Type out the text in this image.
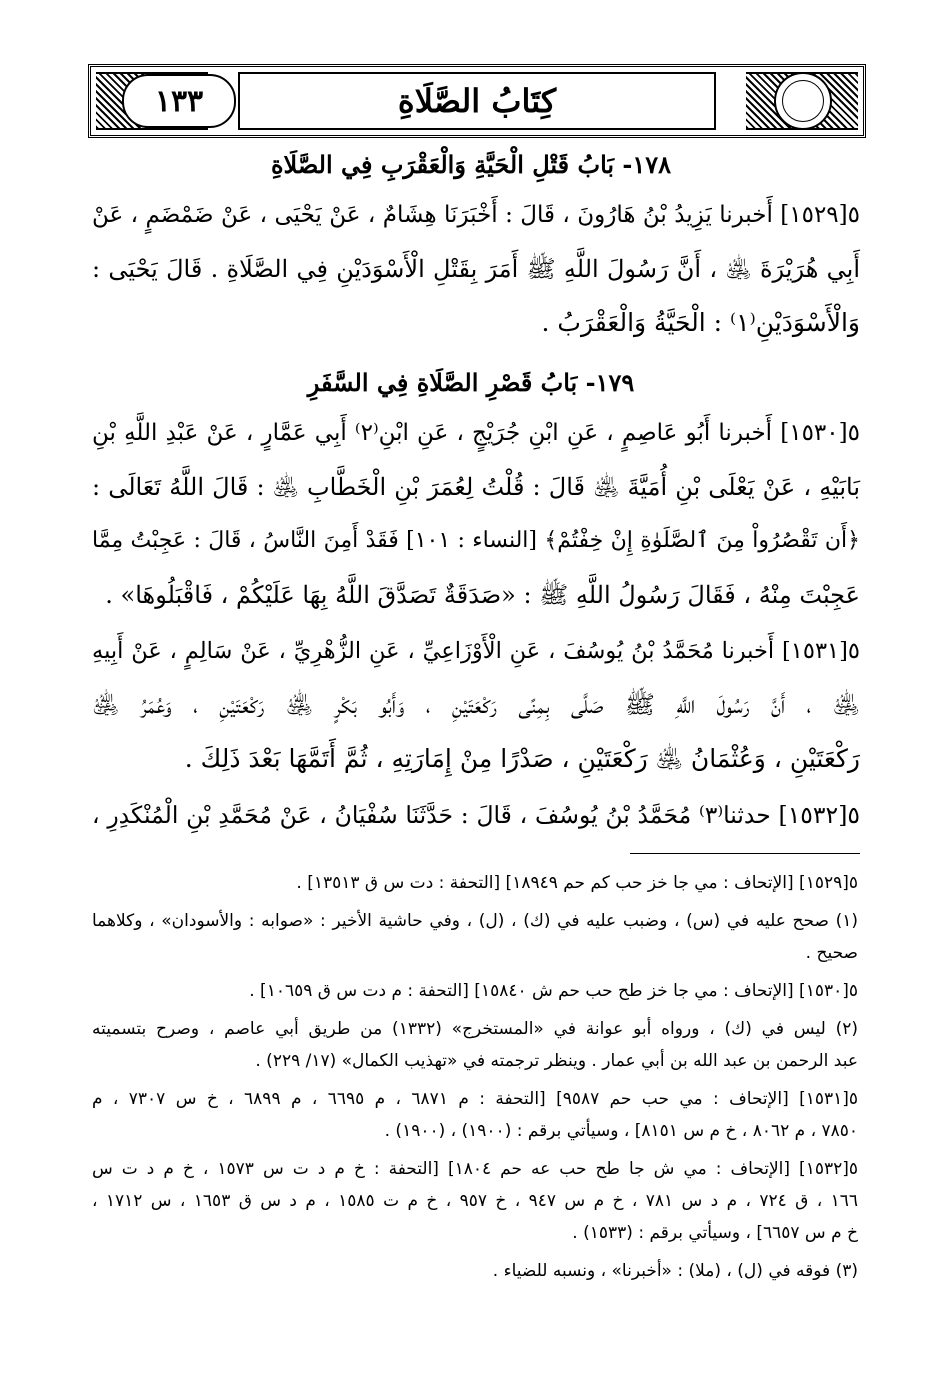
١٣٣	كِتَابُ الصَّلَاةِ
١٧٨- بَابُ قَتْلِ الْحَيَّةِ وَالْعَقْرَبِ فِي الصَّلَاةِ
٥[١٥٢٩] أَخبرنا يَزِيدُ بْنُ هَارُونَ ، قَالَ : أَخْبَرَنَا هِشَامٌ ، عَنْ يَحْيَى ، عَنْ ضَمْضَمٍ ، عَنْ
أَبِي هُرَيْرَةَ ﵁ ، أَنَّ رَسُولَ اللَّهِ ﷺ أَمَرَ بِقَتْلِ الْأَسْوَدَيْنِ فِي الصَّلَاةِ . قَالَ يَحْيَى :
وَالْأَسْوَدَيْنِ⁽١⁾ : الْحَيَّةُ وَالْعَقْرَبُ .
١٧٩- بَابُ قَصْرِ الصَّلَاةِ فِي السَّفَرِ
٥[١٥٣٠] أَخبرنا أَبُو عَاصِمٍ ، عَنِ ابْنِ جُرَيْجٍ ، عَنِ ابْنِ⁽٢⁾ أَبِي عَمَّارٍ ، عَنْ عَبْدِ اللَّهِ بْنِ
بَابَيْهِ ، عَنْ يَعْلَى بْنِ أُمَيَّةَ ﵁ قَالَ : قُلْتُ لِعُمَرَ بْنِ الْخَطَّابِ ﵁ : قَالَ اللَّهُ تَعَالَى :
﴿أَن تَقْصُرُواْ مِنَ ٱلصَّلَوٰةِ إِنْ خِفْتُمْ﴾ [النساء : ١٠١] فَقَدْ أَمِنَ النَّاسُ ، قَالَ : عَجِبْتُ مِمَّا
عَجِبْتَ مِنْهُ ، فَقَالَ رَسُولُ اللَّهِ ﷺ : «صَدَقَةٌ تَصَدَّقَ اللَّهُ بِهَا عَلَيْكُمْ ، فَاقْبَلُوهَا» .
٥[١٥٣١] أَخبرنا مُحَمَّدُ بْنُ يُوسُفَ ، عَنِ الْأَوْزَاعِيِّ ، عَنِ الزُّهْرِيِّ ، عَنْ سَالِمٍ ، عَنْ أَبِيهِ
﵁ ، أَنَّ رَسُولَ اللَّهِ ﷺ صَلَّى بِمِنًى رَكْعَتَيْنِ ، وَأَبُو بَكْرٍ ﵁ رَكْعَتَيْنِ ، وَعُمَرُ ﵁
رَكْعَتَيْنِ ، وَعُثْمَانُ ﵁ رَكْعَتَيْنِ ، صَدْرًا مِنْ إِمَارَتِهِ ، ثُمَّ أَتَمَّهَا بَعْدَ ذَلِكَ .
٥[١٥٣٢] حدثنا⁽٣⁾ مُحَمَّدُ بْنُ يُوسُفَ ، قَالَ : حَدَّثَنَا سُفْيَانُ ، عَنْ مُحَمَّدِ بْنِ الْمُنْكَدِرِ ،
٥[١٥٢٩] [الإتحاف : مي جا خز حب كم حم ١٨٩٤٩] [التحفة : دت س ق ١٣٥١٣] .
(١) صحح عليه في (س) ، وضبب عليه في (ك) ، (ل) ، وفي حاشية الأخير : «صوابه : والأسودان» ، وكلاهما
صحيح .
٥[١٥٣٠] [الإتحاف : مي جا خز طح حب حم ش ١٥٨٤٠] [التحفة : م دت س ق ١٠٦٥٩] .
(٢) ليس في (ك) ، ورواه أبو عوانة في «المستخرج» (١٣٣٢) من طريق أبي عاصم ، وصرح بتسميته
عبد الرحمن بن عبد الله بن أبي عمار . وينظر ترجمته في «تهذيب الكمال» (١٧/ ٢٢٩) .
٥[١٥٣١] [الإتحاف : مي حب حم ٩٥٨٧] [التحفة : م ٦٨٧١ ، م ٦٦٩٥ ، م ٦٨٩٩ ، خ س ٧٣٠٧ ، م
٧٨٥٠ ، م ٨٠٦٢ ، خ م س ٨١٥١] ، وسيأتي برقم : (١٩٠٠) ، (١٩٠٠) .
٥[١٥٣٢] [الإتحاف : مي ش جا طح حب عه حم ١٨٠٤] [التحفة : خ م د ت س ١٥٧٣ ، خ م د ت س
١٦٦ ، ق ٧٢٤ ، م د س ٧٨١ ، خ م س ٩٤٧ ، خ ٩٥٧ ، خ م ت ١٥٨٥ ، م د س ق ١٦٥٣ ، س ١٧١٢ ،
خ م س ٦٦٥٧] ، وسيأتي برقم : (١٥٣٣) .
(٣) فوقه في (ل) ، (ملا) : «أخبرنا» ، ونسبه للضياء .
